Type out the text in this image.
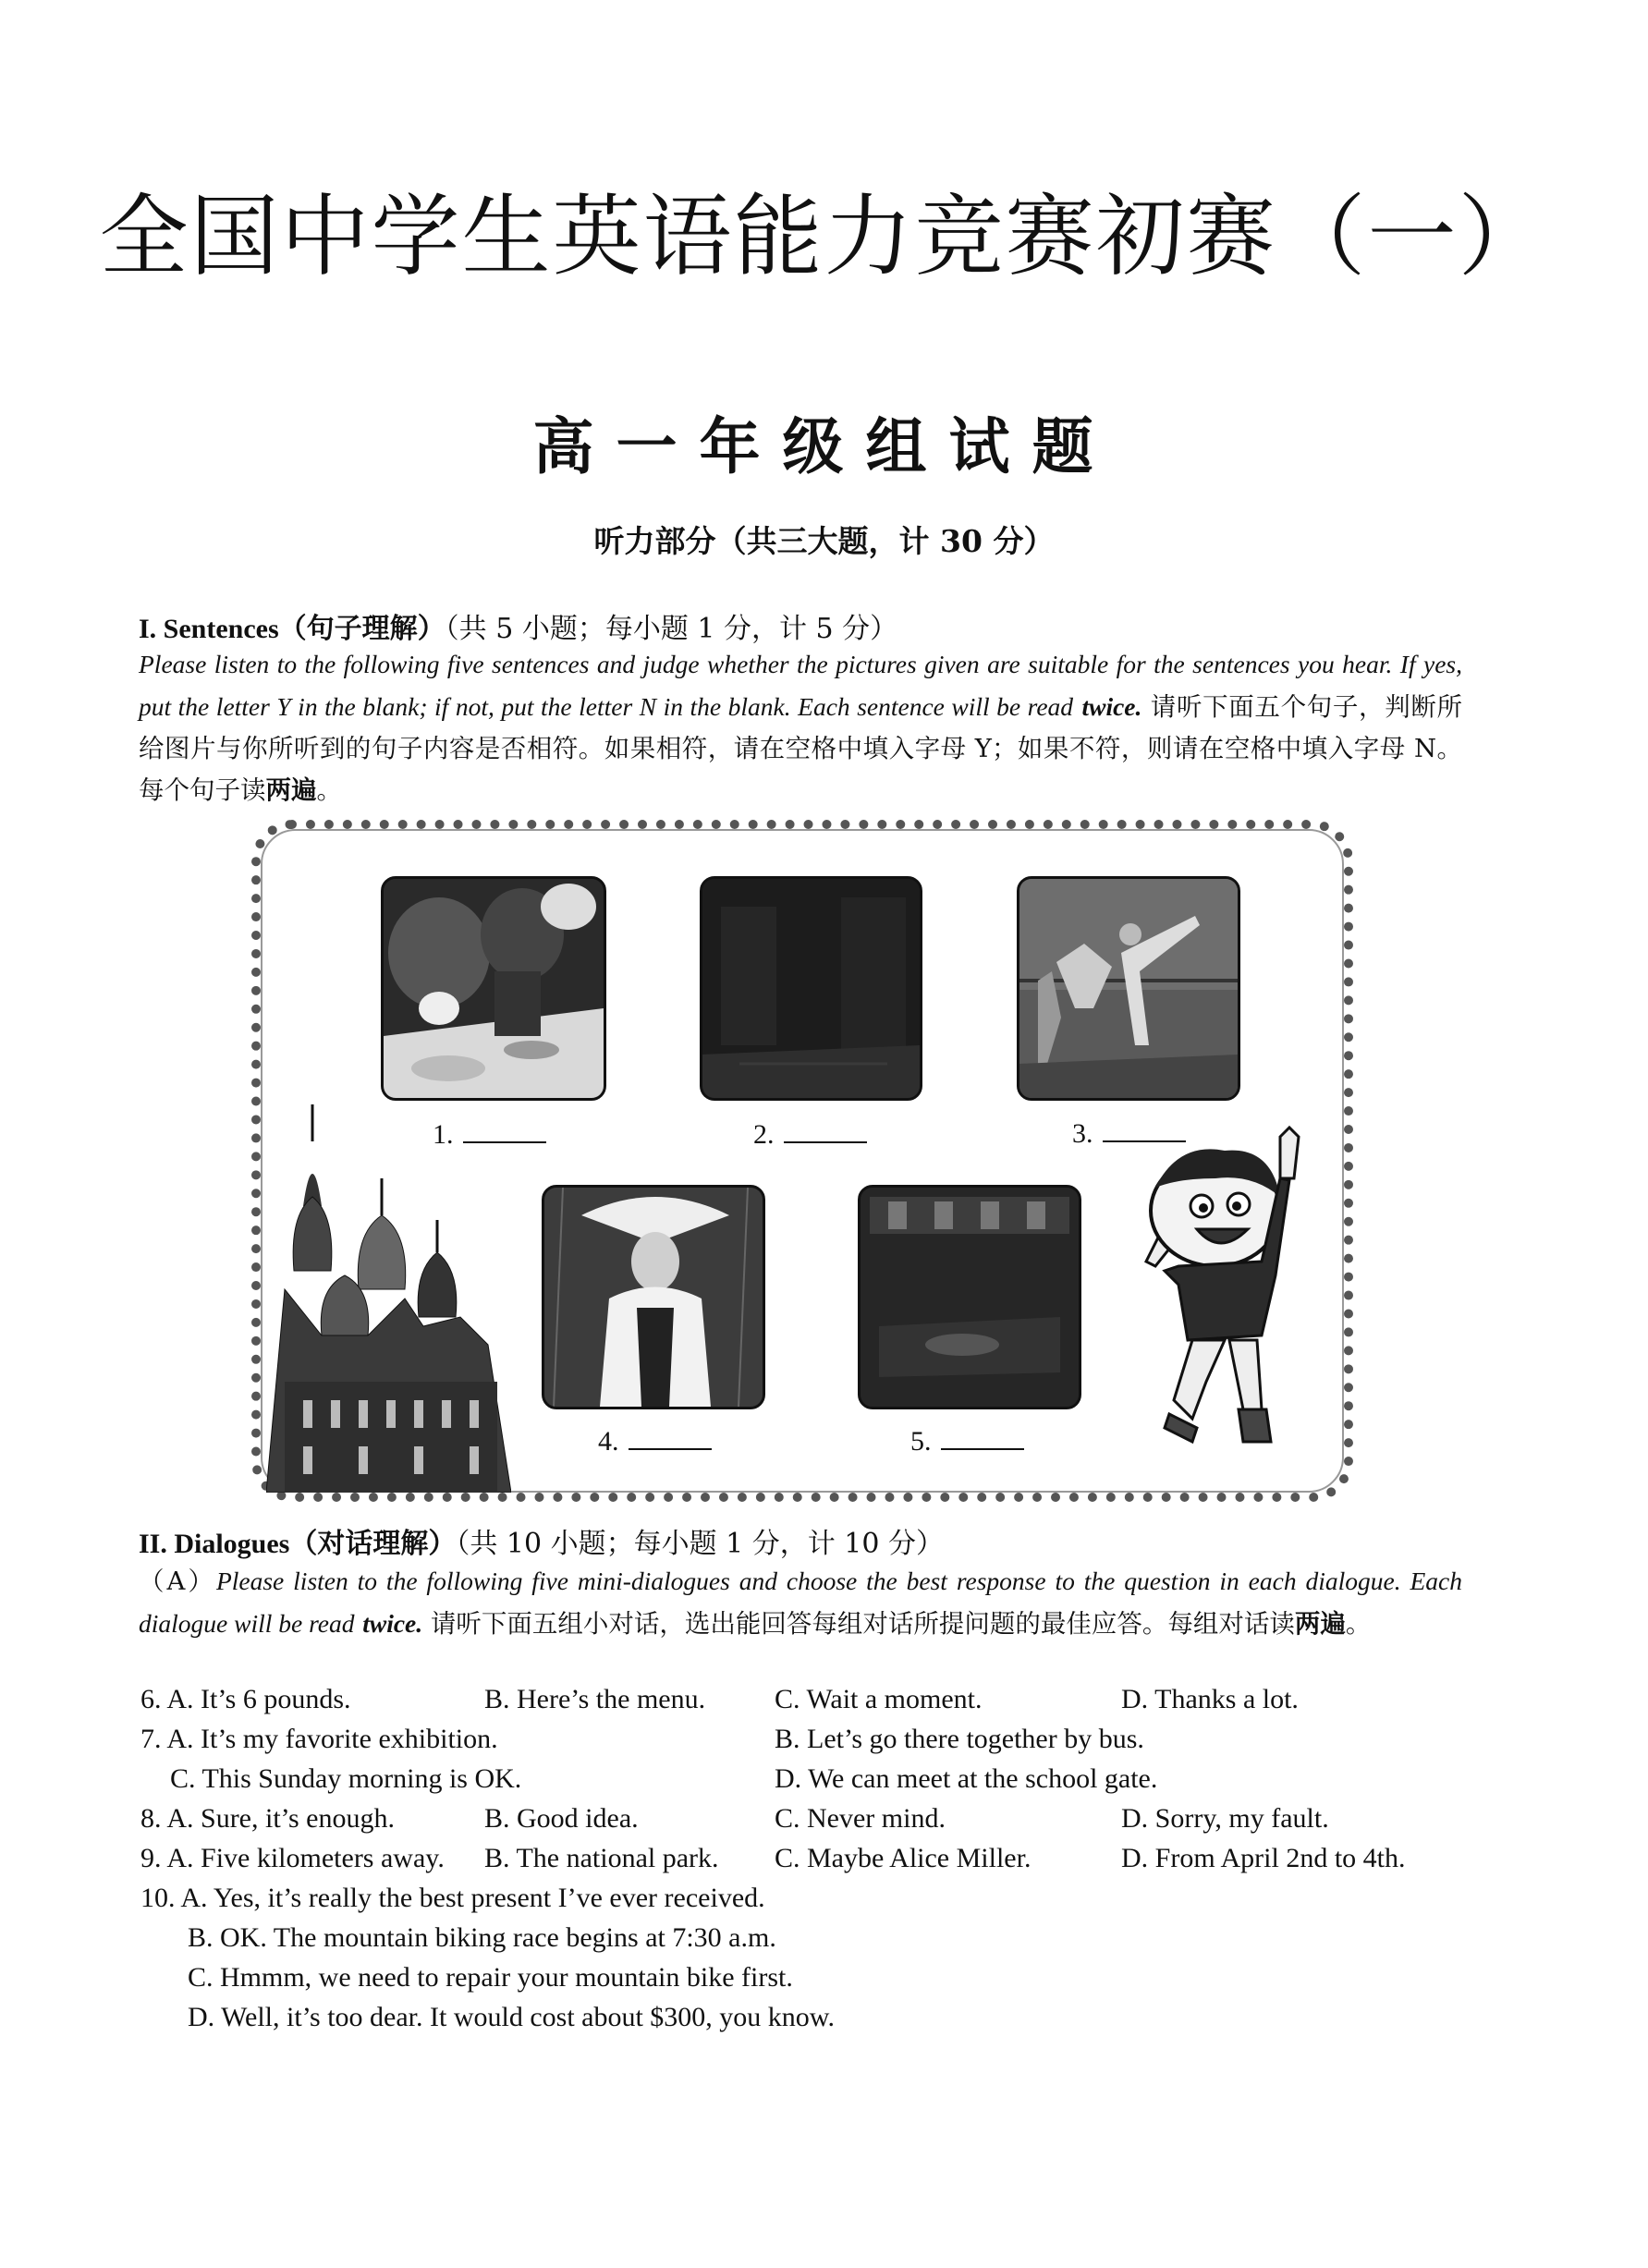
全国中学生英语能力竞赛初赛（一）
高一年级组试题
听力部分（共三大题，计 30 分）
I. Sentences（句子理解）（共 5 小题；每小题 1 分，计 5 分）
Please listen to the following five sentences and judge whether the pictures given are suitable for the sentences you hear. If yes, put the letter Y in the blank; if not, put the letter N in the blank. Each sentence will be read twice. 请听下面五个句子，判断所给图片与你所听到的句子内容是否相符。如果相符，请在空格中填入字母 Y；如果不符，则请在空格中填入字母 N。每个句子读两遍。
1.	2.	3.
4.	5.
II. Dialogues（对话理解）（共 10 小题；每小题 1 分，计 10 分）
（A）Please listen to the following five mini-dialogues and choose the best response to the question in each dialogue. Each dialogue will be read twice. 请听下面五组小对话，选出能回答每组对话所提问题的最佳应答。每组对话读两遍。
6. A. It’s 6 pounds.	B. Here’s the menu. C. Wait a moment.	D. Thanks a lot.
7. A. It’s my favorite exhibition.	B. Let’s go there together by bus.
C. This Sunday morning is OK.	D. We can meet at the school gate.
8. A. Sure, it’s enough.	B. Good idea.	C. Never mind.	D. Sorry, my fault.
9. A. Five kilometers away. B. The national park. C. Maybe Alice Miller.	D. From April 2nd to 4th.
10. A. Yes, it’s really the best present I’ve ever received.
B. OK. The mountain biking race begins at 7:30 a.m.
C. Hmmm, we need to repair your mountain bike first.
D. Well, it’s too dear. It would cost about $300, you know.
